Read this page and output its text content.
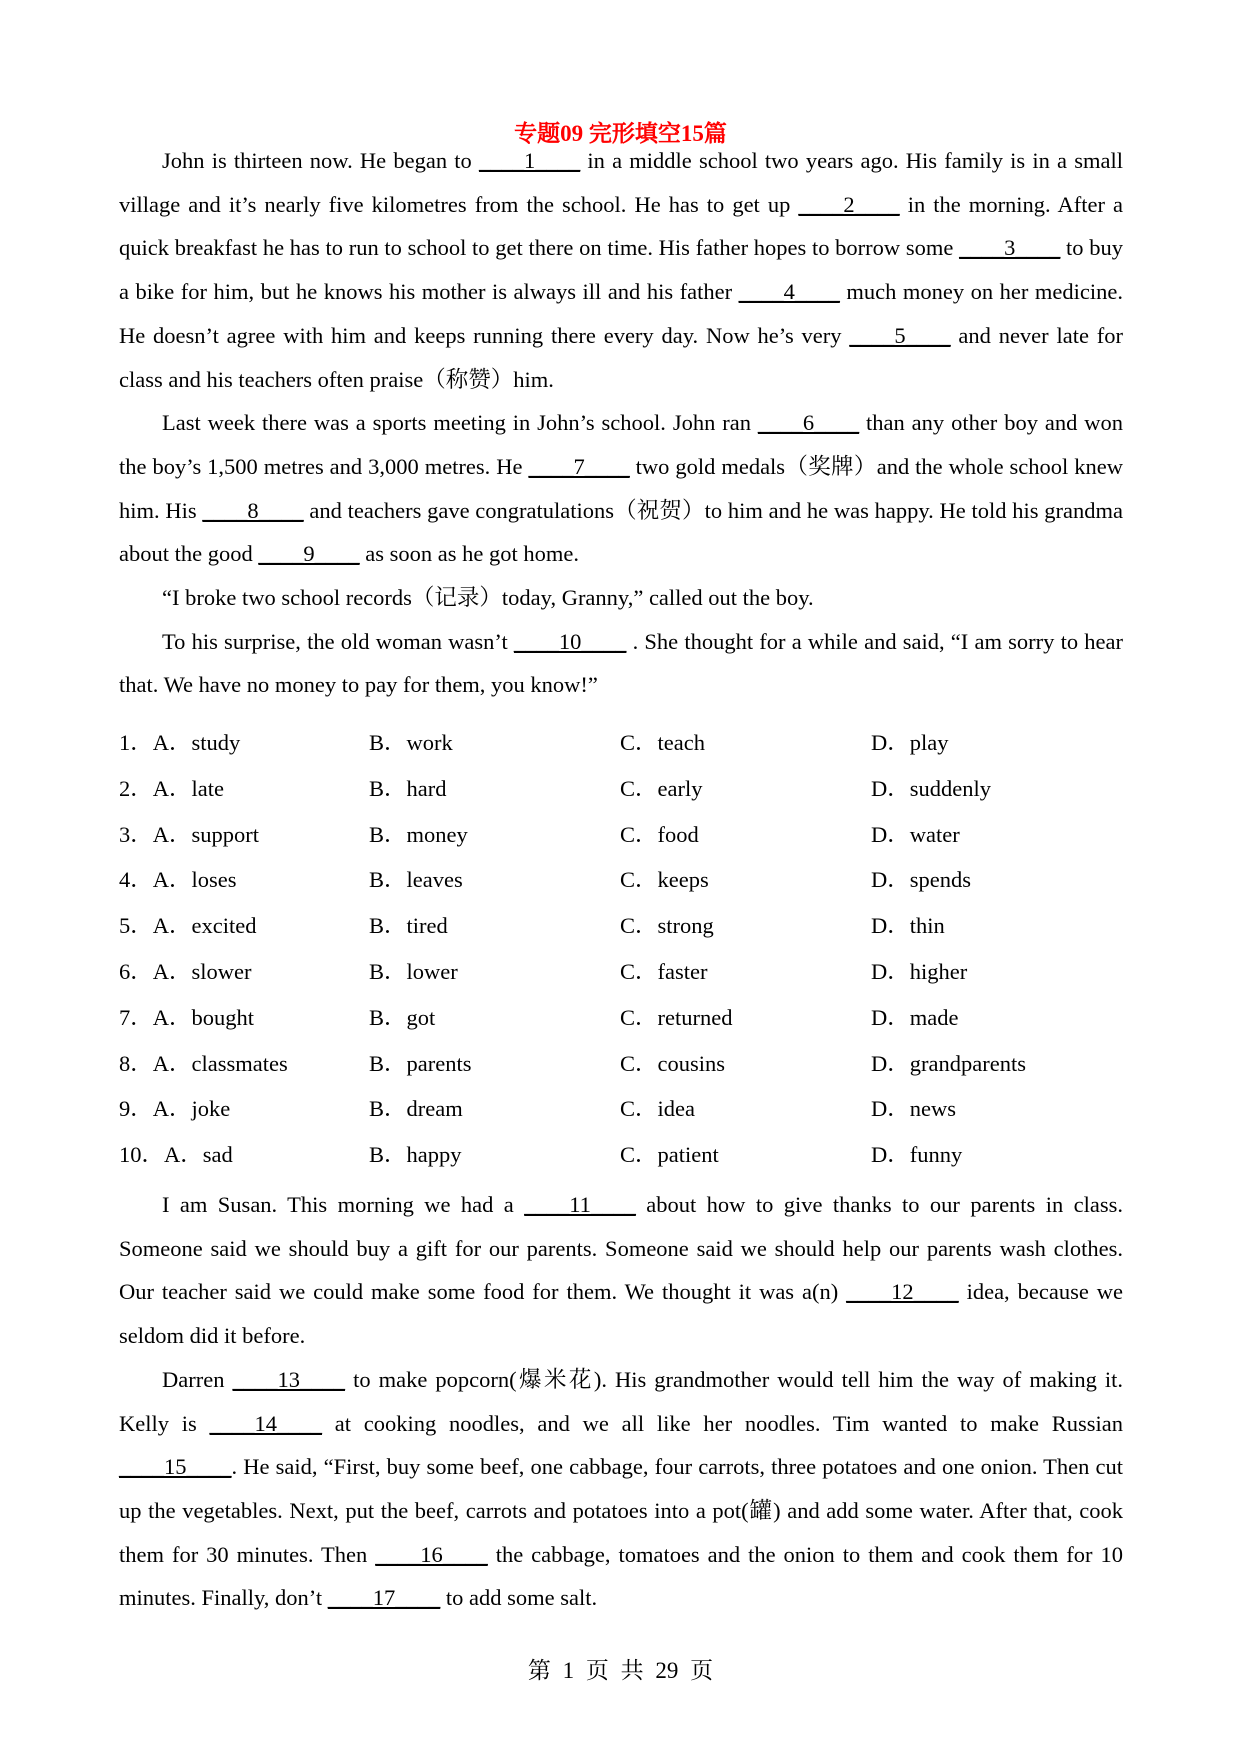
专题09 完形填空15篇

John is thirteen now. He began to ____1____ in a middle school two years ago. His family is in a small village and it’s nearly five kilometres from the school. He has to get up ____2____ in the morning. After a quick breakfast he has to run to school to get there on time. His father hopes to borrow some ____3____ to buy a bike for him, but he knows his mother is always ill and his father ____4____ much money on her medicine. He doesn’t agree with him and keeps running there every day. Now he’s very ____5____ and never late for class and his teachers often praise（称赞）him.

Last week there was a sports meeting in John’s school. John ran ____6____ than any other boy and won the boy’s 1,500 metres and 3,000 metres. He ____7____ two gold medals（奖牌）and the whole school knew him. His ____8____ and teachers gave congratulations（祝贺）to him and he was happy. He told his grandma about the good ____9____ as soon as he got home.

“I broke two school records（记录）today, Granny,” called out the boy.

To his surprise, the old woman wasn’t ____10____ . She thought for a while and said, “I am sorry to hear that. We have no money to pay for them, you know!”

1．A．study	B．work	C．teach	D．play
2．A．late	B．hard	C．early	D．suddenly
3．A．support	B．money	C．food	D．water
4．A．loses	B．leaves	C．keeps	D．spends
5．A．excited	B．tired	C．strong	D．thin
6．A．slower	B．lower	C．faster	D．higher
7．A．bought	B．got	C．returned	D．made
8．A．classmates	B．parents	C．cousins	D．grandparents
9．A．joke	B．dream	C．idea	D．news
10．A．sad	B．happy	C．patient	D．funny

I am Susan. This morning we had a ____11____ about how to give thanks to our parents in class. Someone said we should buy a gift for our parents. Someone said we should help our parents wash clothes. Our teacher said we could make some food for them. We thought it was a(n) ____12____ idea, because we seldom did it before.

Darren ____13____ to make popcorn(爆米花). His grandmother would tell him the way of making it. Kelly is ____14____ at cooking noodles, and we all like her noodles. Tim wanted to make Russian ____15____. He said, “First, buy some beef, one cabbage, four carrots, three potatoes and one onion. Then cut up the vegetables. Next, put the beef, carrots and potatoes into a pot(罐) and add some water. After that, cook them for 30 minutes. Then ____16____ the cabbage, tomatoes and the onion to them and cook them for 10 minutes. Finally, don’t ____17____ to add some salt.

第 1 页 共 29 页
